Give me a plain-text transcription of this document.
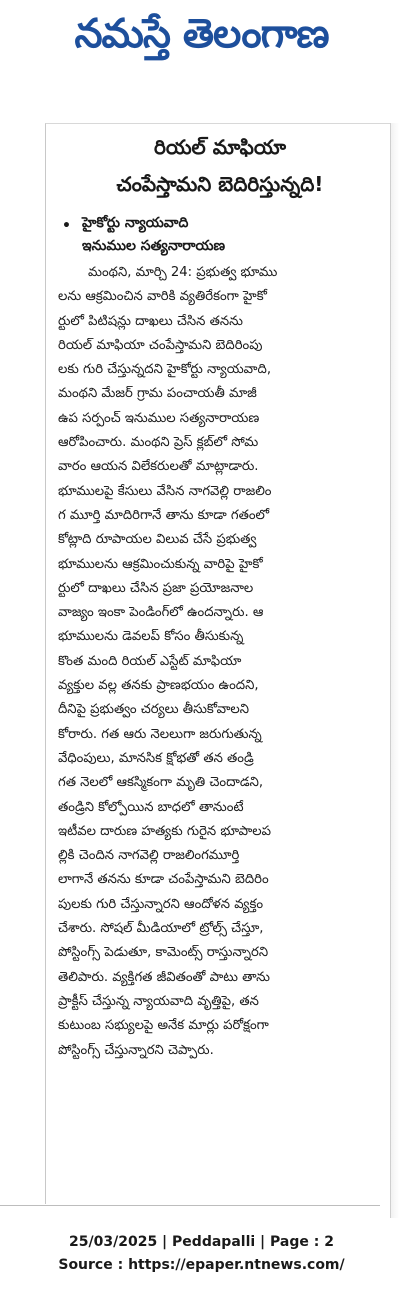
నమస్తే తెలంగాణ
రియల్ మాఫియా
చంపేస్తామని బెదిరిస్తున్నది!
• హైకోర్టు న్యాయవాది
ఇనుముల సత్యనారాయణ
మంథని, మార్చి 24: ప్రభుత్వ భూము
లను ఆక్రమించిన వారికి వ్యతిరేకంగా హైకో
ర్టులో పిటిషన్లు దాఖలు చేసిన తనను
రియల్ మాఫియా చంపేస్తామని బెదిరింపు
లకు గురి చేస్తున్నదని హైకోర్టు న్యాయవాది,
మంథని మేజర్ గ్రామ పంచాయతీ మాజీ
ఉప సర్పంచ్ ఇనుముల సత్యనారాయణ
ఆరోపించారు. మంథని ప్రెస్ క్లబ్‌లో సోమ
వారం ఆయన విలేకరులతో మాట్లాడారు.
భూములపై కేసులు వేసిన నాగవెల్లి రాజలిం
గ మూర్తి మాదిరిగానే తాను కూడా గతంలో
కోట్లాది రూపాయల విలువ చేసే ప్రభుత్వ
భూములను ఆక్రమించుకున్న వారిపై హైకో
ర్టులో దాఖలు చేసిన ప్రజా ప్రయోజనాల
వాజ్యం ఇంకా పెండింగ్‌లో ఉందన్నారు. ఆ
భూములను డెవలప్ కోసం తీసుకున్న
కొంత మంది రియల్ ఎస్టేట్ మాఫియా
వ్యక్తుల వల్ల తనకు ప్రాణభయం ఉందని,
దీనిపై ప్రభుత్వం చర్యలు తీసుకోవాలని
కోరారు. గత ఆరు నెలలుగా జరుగుతున్న
వేధింపులు, మానసిక క్షోభతో తన తండ్రి
గత నెలలో ఆకస్మికంగా మృతి చెందాడని,
తండ్రిని కోల్పోయిన బాధలో తానుంటే
ఇటీవల దారుణ హత్యకు గురైన భూపాలప
ల్లికి చెందిన నాగవెల్లి రాజలింగమూర్తి
లాగానే తనను కూడా చంపేస్తామని బెదిరిం
పులకు గురి చేస్తున్నారని ఆందోళన వ్యక్తం
చేశారు. సోషల్ మీడియాలో ట్రోల్స్ చేస్తూ,
పోస్టింగ్స్ పెడుతూ, కామెంట్స్ రాస్తున్నారని
తెలిపారు. వ్యక్తిగత జీవితంతో పాటు తాను
ప్రాక్టీస్ చేస్తున్న న్యాయవాది వృత్తిపై, తన
కుటుంబ సభ్యులపై అనేక మార్లు పరోక్షంగా
పోస్టింగ్స్ చేస్తున్నారని చెప్పారు.
25/03/2025 | Peddapalli | Page : 2
Source : https://epaper.ntnews.com/
